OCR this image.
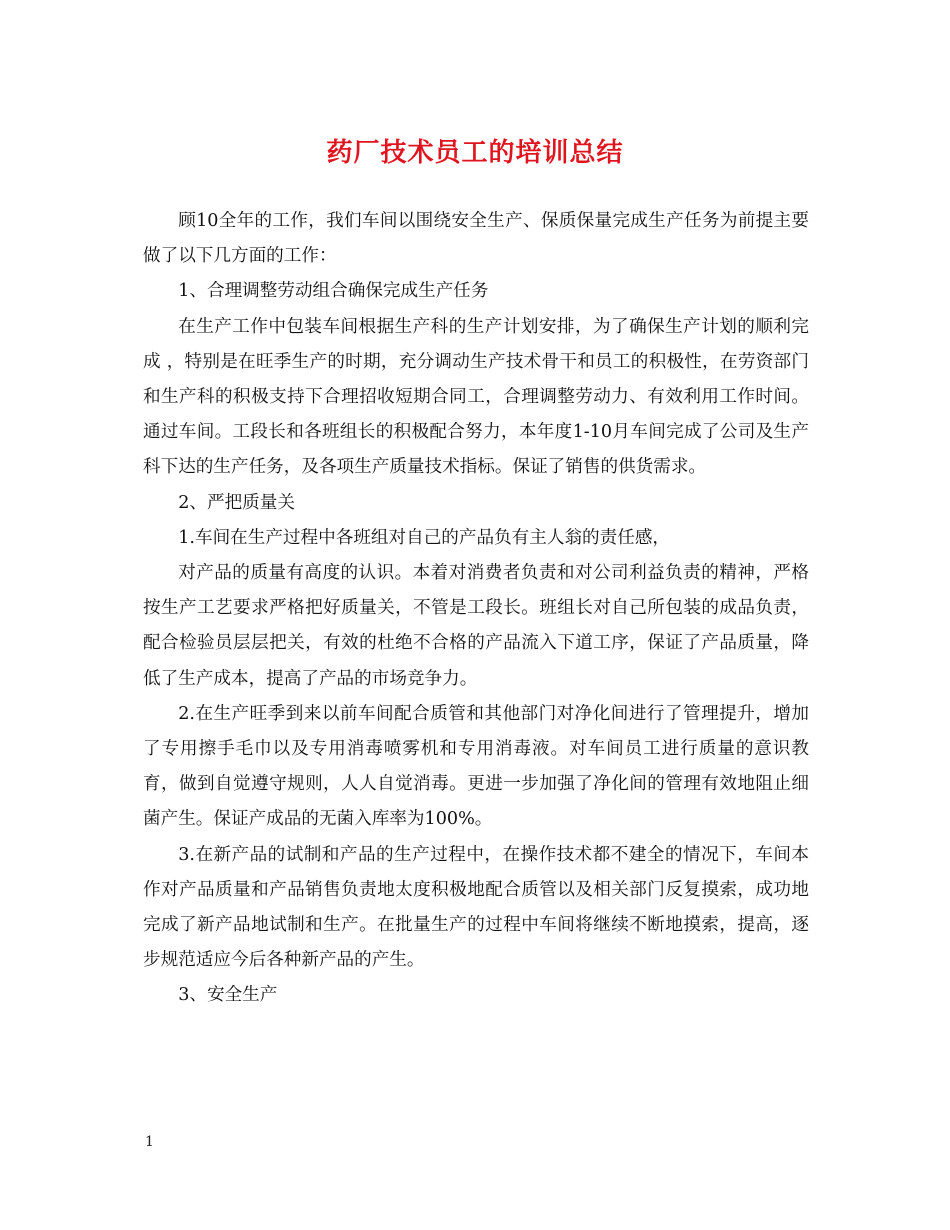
药厂技术员工的培训总结

顾10全年的工作，我们车间以围绕安全生产、保质保量完成生产任务为前提主要做了以下几方面的工作：

1、合理调整劳动组合确保完成生产任务

在生产工作中包装车间根据生产科的生产计划安排，为了确保生产计划的顺利完成 ，特别是在旺季生产的时期，充分调动生产技术骨干和员工的积极性，在劳资部门和生产科的积极支持下合理招收短期合同工，合理调整劳动力、有效利用工作时间。通过车间。工段长和各班组长的积极配合努力，本年度1-10月车间完成了公司及生产科下达的生产任务，及各项生产质量技术指标。保证了销售的供货需求。

2、严把质量关

1.车间在生产过程中各班组对自己的产品负有主人翁的责任感，

对产品的质量有高度的认识。本着对消费者负责和对公司利益负责的精神，严格按生产工艺要求严格把好质量关，不管是工段长。班组长对自己所包装的成品负责，配合检验员层层把关，有效的杜绝不合格的产品流入下道工序，保证了产品质量，降低了生产成本，提高了产品的市场竞争力。

2.在生产旺季到来以前车间配合质管和其他部门对净化间进行了管理提升，增加了专用擦手毛巾以及专用消毒喷雾机和专用消毒液。对车间员工进行质量的意识教育，做到自觉遵守规则，人人自觉消毒。更进一步加强了净化间的管理有效地阻止细菌产生。保证产成品的无菌入库率为100%。

3.在新产品的试制和产品的生产过程中，在操作技术都不建全的情况下，车间本作对产品质量和产品销售负责地太度积极地配合质管以及相关部门反复摸索，成功地完成了新产品地试制和生产。在批量生产的过程中车间将继续不断地摸索，提高，逐步规范适应今后各种新产品的产生。

3、安全生产

1
